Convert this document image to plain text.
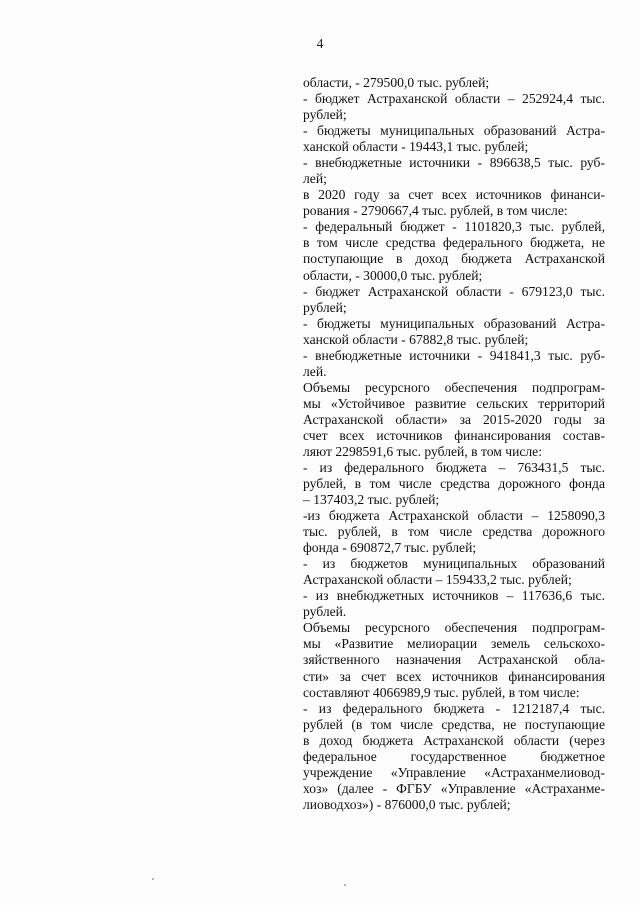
4
области, - 279500,0 тыс. рублей;
- бюджет Астраханской области – 252924,4 тыс.
рублей;
- бюджеты муниципальных образований Астра-
ханской области - 19443,1 тыс. рублей;
- внебюджетные источники - 896638,5 тыс. руб-
лей;
в 2020 году за счет всех источников финанси-
рования - 2790667,4 тыс. рублей, в том числе:
- федеральный бюджет - 1101820,3 тыс. рублей,
в том числе средства федерального бюджета, не
поступающие в доход бюджета Астраханской
области, - 30000,0 тыс. рублей;
- бюджет Астраханской области - 679123,0 тыс.
рублей;
- бюджеты муниципальных образований Астра-
ханской области - 67882,8 тыс. рублей;
- внебюджетные источники - 941841,3 тыс. руб-
лей.
Объемы ресурсного обеспечения подпрограм-
мы «Устойчивое развитие сельских территорий
Астраханской области» за 2015-2020 годы за
счет всех источников финансирования состав-
ляют 2298591,6 тыс. рублей, в том числе:
- из федерального бюджета – 763431,5 тыс.
рублей, в том числе средства дорожного фонда
– 137403,2 тыс. рублей;
-из бюджета Астраханской области – 1258090,3
тыс. рублей, в том числе средства дорожного
фонда - 690872,7 тыс. рублей;
- из бюджетов муниципальных образований
Астраханской области – 159433,2 тыс. рублей;
- из внебюджетных источников – 117636,6 тыс.
рублей.
Объемы ресурсного обеспечения подпрограм-
мы «Развитие мелиорации земель сельскохо-
зяйственного назначения Астраханской обла-
сти» за счет всех источников финансирования
составляют 4066989,9 тыс. рублей, в том числе:
- из федерального бюджета - 1212187,4 тыс.
рублей (в том числе средства, не поступающие
в доход бюджета Астраханской области (через
федеральное государственное бюджетное
учреждение «Управление «Астраханмелиовод-
хоз» (далее - ФГБУ «Управление «Астраханме-
лиоводхоз») - 876000,0 тыс. рублей;
